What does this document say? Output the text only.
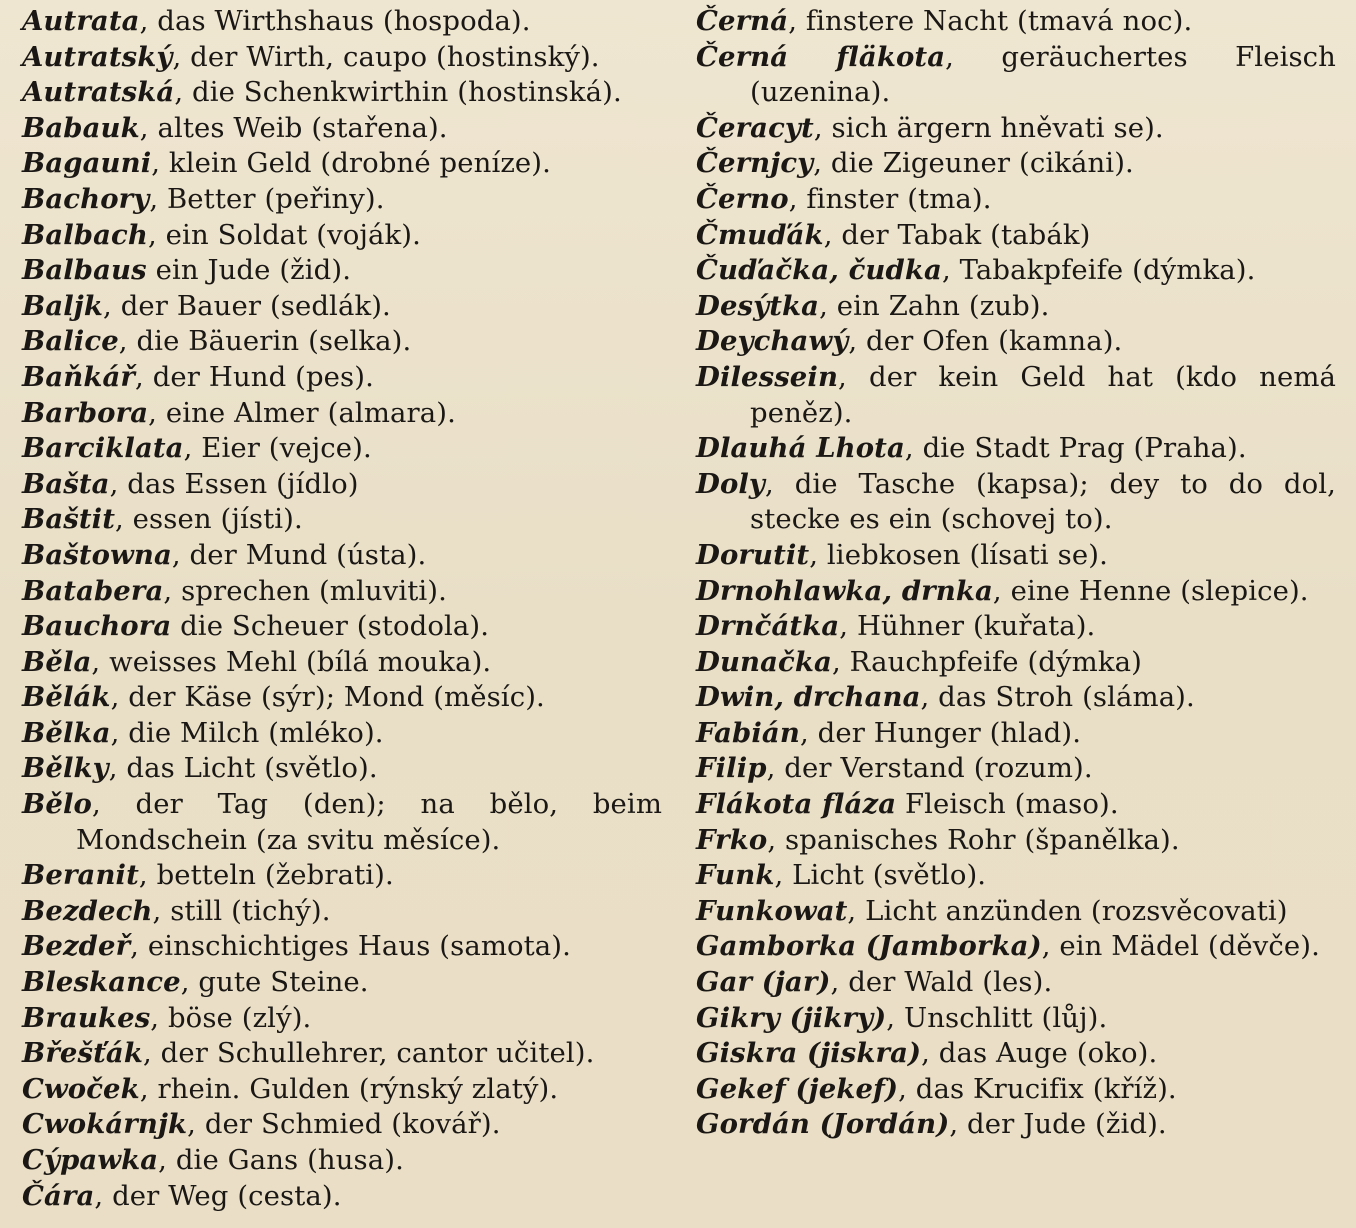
Autrata, das Wirthshaus (hospoda).

Autratský, der Wirth, caupo (hostinský).

Autratská, die Schenkwirthin (hostinská).

Babauk, altes Weib (stařena).

Bagauni, klein Geld (drobné peníze).

Bachory, Better (peřiny).

Balbach, ein Soldat (voják).

Balbaus ein Jude (žid).

Baljk, der Bauer (sedlák).

Balice, die Bäuerin (selka).

Baňkář, der Hund (pes).

Barbora, eine Almer (almara).

Barciklata, Eier (vejce).

Bašta, das Essen (jídlo)

Baštit, essen (jísti).

Baštowna, der Mund (ústa).

Batabera, sprechen (mluviti).

Bauchora die Scheuer (stodola).

Běla, weisses Mehl (bílá mouka).

Bělák, der Käse (sýr); Mond (měsíc).

Bělka, die Milch (mléko).

Bělky, das Licht (světlo).

Bělo, der Tag (den); na bělo, beim Mondschein (za svitu měsíce).

Beranit, betteln (žebrati).

Bezdech, still (tichý).

Bezdeř, einschichtiges Haus (samota).

Bleskance, gute Steine.

Braukes, böse (zlý).

Břešťák, der Schullehrer, cantor učitel).

Cwoček, rhein. Gulden (rýnský zlatý).

Cwokárnjk, der Schmied (kovář).

Cýpawka, die Gans (husa).

Čára, der Weg (cesta).

Černá, finstere Nacht (tmavá noc).

Černá fläkota, geräuchertes Fleisch (uzenina).

Čeracyt, sich ärgern hněvati se).

Černjcy, die Zigeuner (cikáni).

Černo, finster (tma).

Čmuďák, der Tabak (tabák)

Čuďačka, čudka, Tabakpfeife (dýmka).

Desýtka, ein Zahn (zub).

Deychawý, der Ofen (kamna).

Dilessein, der kein Geld hat (kdo nemá peněz).

Dlauhá Lhota, die Stadt Prag (Praha).

Doly, die Tasche (kapsa); dey to do dol, stecke es ein (schovej to).

Dorutit, liebkosen (lísati se).

Drnohlawka, drnka, eine Henne (slepice).

Drnčátka, Hühner (kuřata).

Dunačka, Rauchpfeife (dýmka)

Dwin, drchana, das Stroh (sláma).

Fabián, der Hunger (hlad).

Filip, der Verstand (rozum).

Flákota fláza Fleisch (maso).

Frko, spanisches Rohr (španělka).

Funk, Licht (světlo).

Funkowat, Licht anzünden (rozsvěcovati)

Gamborka (Jamborka), ein Mädel (děvče).

Gar (jar), der Wald (les).

Gikry (jikry), Unschlitt (lůj).

Giskra (jiskra), das Auge (oko).

Gekef (jekef), das Krucifix (kříž).

Gordán (Jordán), der Jude (žid).
